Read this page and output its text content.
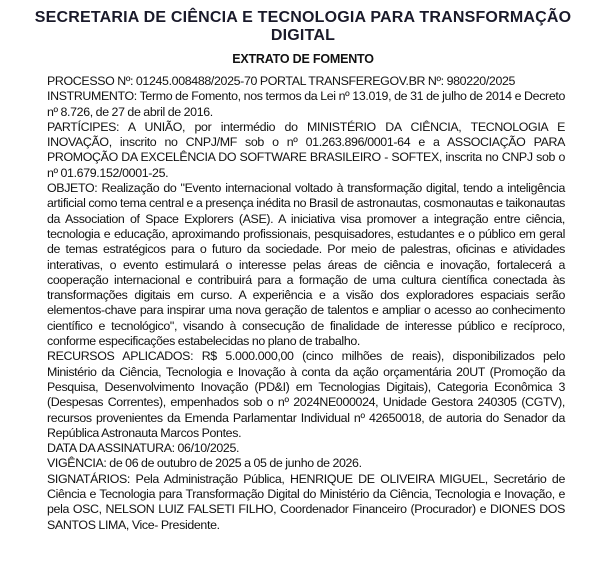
SECRETARIA DE CIÊNCIA E TECNOLOGIA PARA TRANSFORMAÇÃO DIGITAL
EXTRATO DE FOMENTO

PROCESSO Nº: 01245.008488/2025-70 PORTAL TRANSFEREGOV.BR Nº: 980220/2025

INSTRUMENTO: Termo de Fomento, nos termos da Lei nº 13.019, de 31 de julho de 2014 e Decreto nº 8.726, de 27 de abril de 2016.

PARTÍCIPES: A UNIÃO, por intermédio do MINISTÉRIO DA CIÊNCIA, TECNOLOGIA E INOVAÇÃO, inscrito no CNPJ/MF sob o nº 01.263.896/0001-64 e a ASSOCIAÇÃO PARA PROMOÇÃO DA EXCELÊNCIA DO SOFTWARE BRASILEIRO - SOFTEX, inscrita no CNPJ sob o nº 01.679.152/0001-25.

OBJETO: Realização do "Evento internacional voltado à transformação digital, tendo a inteligência artificial como tema central e a presença inédita no Brasil de astronautas, cosmonautas e taikonautas da Association of Space Explorers (ASE). A iniciativa visa promover a integração entre ciência, tecnologia e educação, aproximando profissionais, pesquisadores, estudantes e o público em geral de temas estratégicos para o futuro da sociedade. Por meio de palestras, oficinas e atividades interativas, o evento estimulará o interesse pelas áreas de ciência e inovação, fortalecerá a cooperação internacional e contribuirá para a formação de uma cultura científica conectada às transformações digitais em curso. A experiência e a visão dos exploradores espaciais serão elementos-chave para inspirar uma nova geração de talentos e ampliar o acesso ao conhecimento científico e tecnológico", visando à consecução de finalidade de interesse público e recíproco, conforme especificações estabelecidas no plano de trabalho.

RECURSOS APLICADOS: R$ 5.000.000,00 (cinco milhões de reais), disponibilizados pelo Ministério da Ciência, Tecnologia e Inovação à conta da ação orçamentária 20UT (Promoção da Pesquisa, Desenvolvimento Inovação (PD&I) em Tecnologias Digitais), Categoria Econômica 3 (Despesas Correntes), empenhados sob o nº 2024NE000024, Unidade Gestora 240305 (CGTV), recursos provenientes da Emenda Parlamentar Individual nº 42650018, de autoria do Senador da República Astronauta Marcos Pontes.

DATA DA ASSINATURA: 06/10/2025.

VIGÊNCIA: de 06 de outubro de 2025 a 05 de junho de 2026.

SIGNATÁRIOS: Pela Administração Pública, HENRIQUE DE OLIVEIRA MIGUEL, Secretário de Ciência e Tecnologia para Transformação Digital do Ministério da Ciência, Tecnologia e Inovação, e pela OSC, NELSON LUIZ FALSETI FILHO, Coordenador Financeiro (Procurador) e DIONES DOS SANTOS LIMA, Vice- Presidente.
